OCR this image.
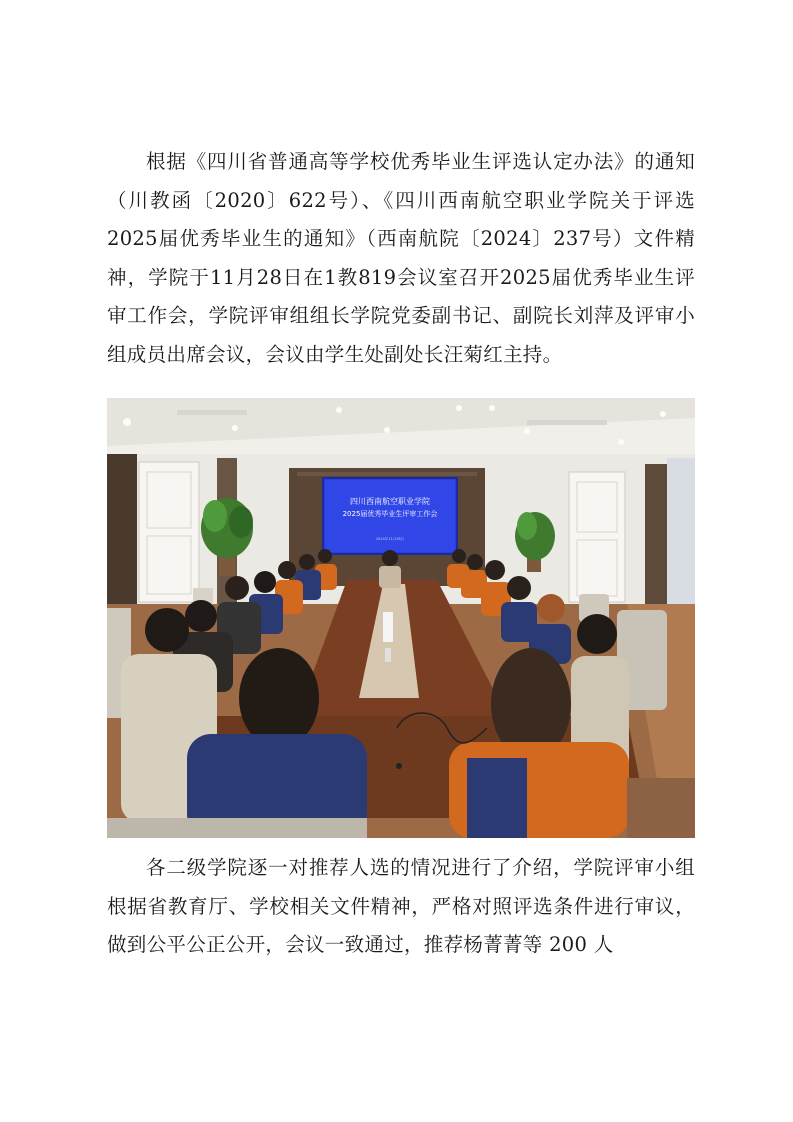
根据《四川省普通高等学校优秀毕业生评选认定办法》的通知（川教函〔2020〕622号）、《四川西南航空职业学院关于评选2025届优秀毕业生的通知》（西南航院〔2024〕237号）文件精神，学院于11月28日在1教819会议室召开2025届优秀毕业生评审工作会，学院评审组组长学院党委副书记、副院长刘萍及评审小组成员出席会议，会议由学生处副处长汪菊红主持。

四川西南航空职业学院
2025届优秀毕业生评审工作会
2024年11月28日

各二级学院逐一对推荐人选的情况进行了介绍，学院评审小组根据省教育厅、学校相关文件精神，严格对照评选条件进行审议，做到公平公正公开，会议一致通过，推荐杨菁菁等 200 人
